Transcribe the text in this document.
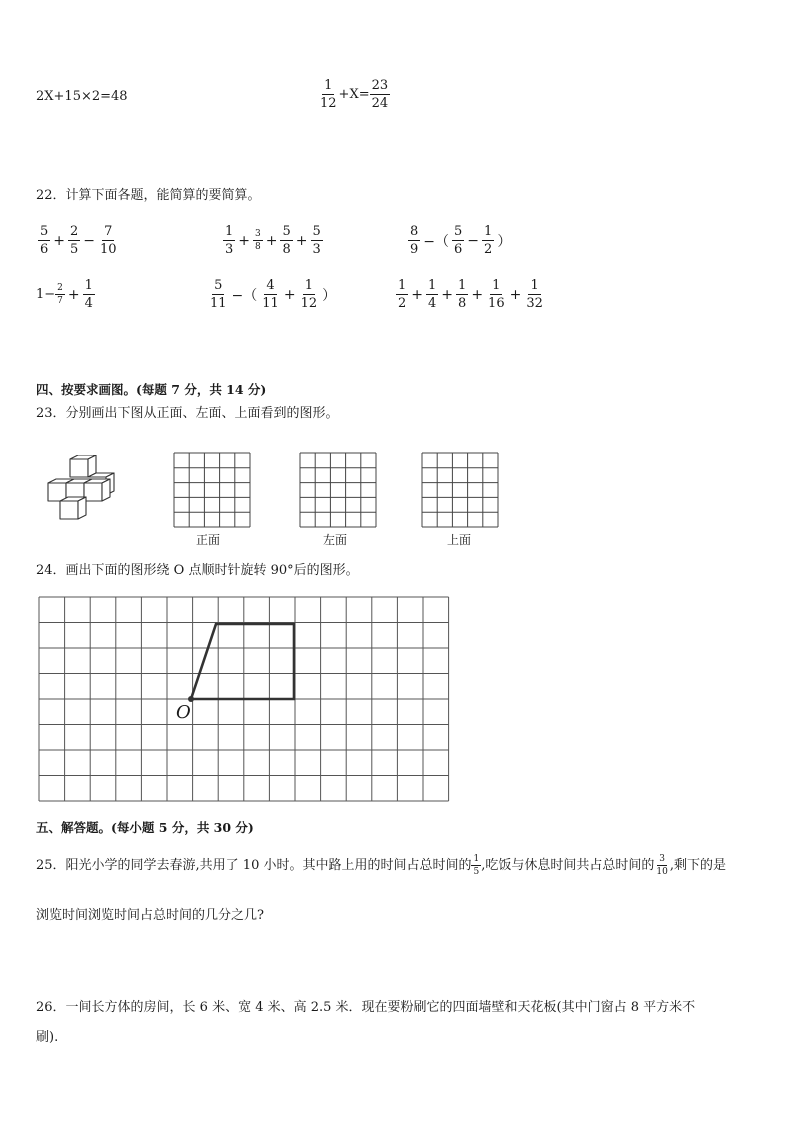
2X+15×2=48	$\frac{1}{12} +X= \frac{23}{24}$
22．计算下面各题，能简算的要简算。
$\frac{5}{6} + \frac{2}{5} - \frac{7}{10}$	$\frac{1}{3} + \frac{3}{8} + \frac{5}{8} + \frac{5}{3}$	$\frac{8}{9}$ −（ $\frac{5}{6} - \frac{1}{2}$ ）
$1- \frac{2}{7} + \frac{1}{4}$	$\frac{5}{11}$ −（ $\frac{4}{11} + \frac{1}{12}$ ）	$\frac{1}{2} + \frac{1}{4} + \frac{1}{8} + \frac{1}{16} + \frac{1}{32}$
四、按要求画图。(每题 7 分，共 14 分)
23．分别画出下图从正面、左面、上面看到的图形。
正面	左面	上面
24．画出下面的图形绕 O 点顺时针旋转 90°后的图形。
O
五、解答题。(每小题 5 分，共 30 分)
25．阳光小学的同学去春游,共用了 10 小时。其中路上用的时间占总时间的 $\frac{1}{5}$ ,吃饭与休息时间共占总时间的 $\frac{3}{10}$ ,剩下的是
浏览时间浏览时间占总时间的几分之几?
26．一间长方体的房间，长 6 米、宽 4 米、高 2.5 米．现在要粉刷它的四面墙壁和天花板(其中门窗占 8 平方米不
刷).
